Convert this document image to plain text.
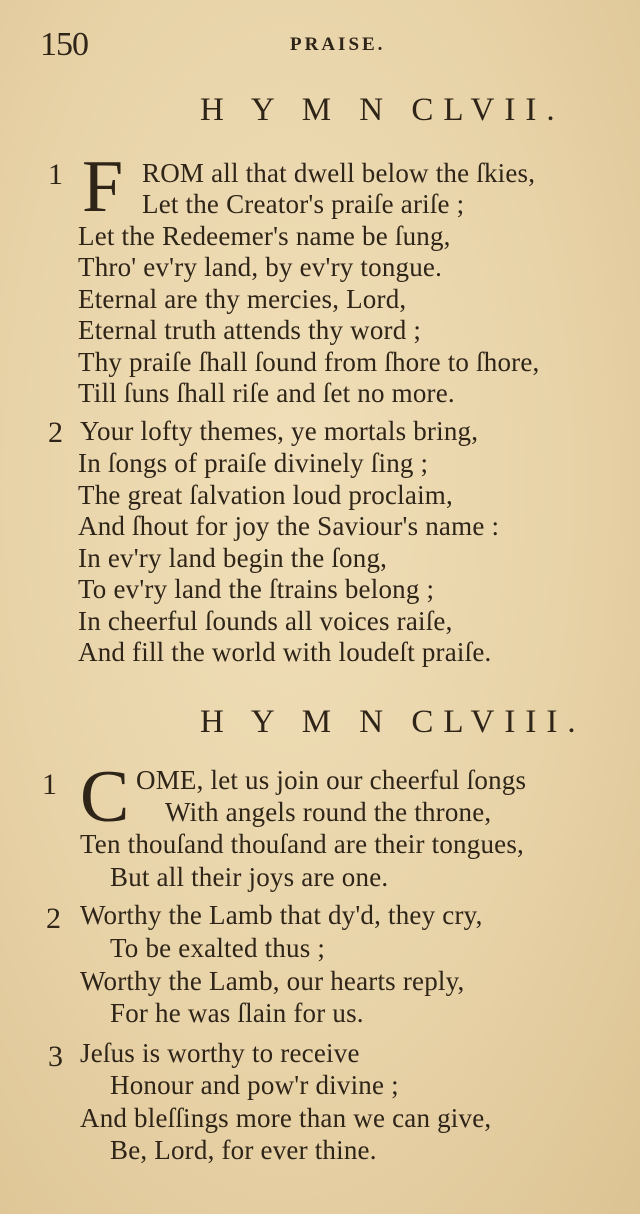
150	PRAISE.
H Y M N CLVII.
1 F ROM all that dwell below the ſkies,
Let the Creator's praiſe ariſe ;
Let the Redeemer's name be ſung,
Thro' ev'ry land, by ev'ry tongue.
Eternal are thy mercies, Lord,
Eternal truth attends thy word ;
Thy praiſe ſhall ſound from ſhore to ſhore,
Till ſuns ſhall riſe and ſet no more.
2 Your lofty themes, ye mortals bring,
In ſongs of praiſe divinely ſing ;
The great ſalvation loud proclaim,
And ſhout for joy the Saviour's name :
In ev'ry land begin the ſong,
To ev'ry land the ſtrains belong ;
In cheerful ſounds all voices raiſe,
And fill the world with loudeſt praiſe.
H Y M N CLVIII.
1 C OME, let us join our cheerful ſongs
With angels round the throne,
Ten thouſand thouſand are their tongues,
But all their joys are one.
2 Worthy the Lamb that dy'd, they cry,
To be exalted thus ;
Worthy the Lamb, our hearts reply,
For he was ſlain for us.
3 Jeſus is worthy to receive
Honour and pow'r divine ;
And bleſſings more than we can give,
Be, Lord, for ever thine.
